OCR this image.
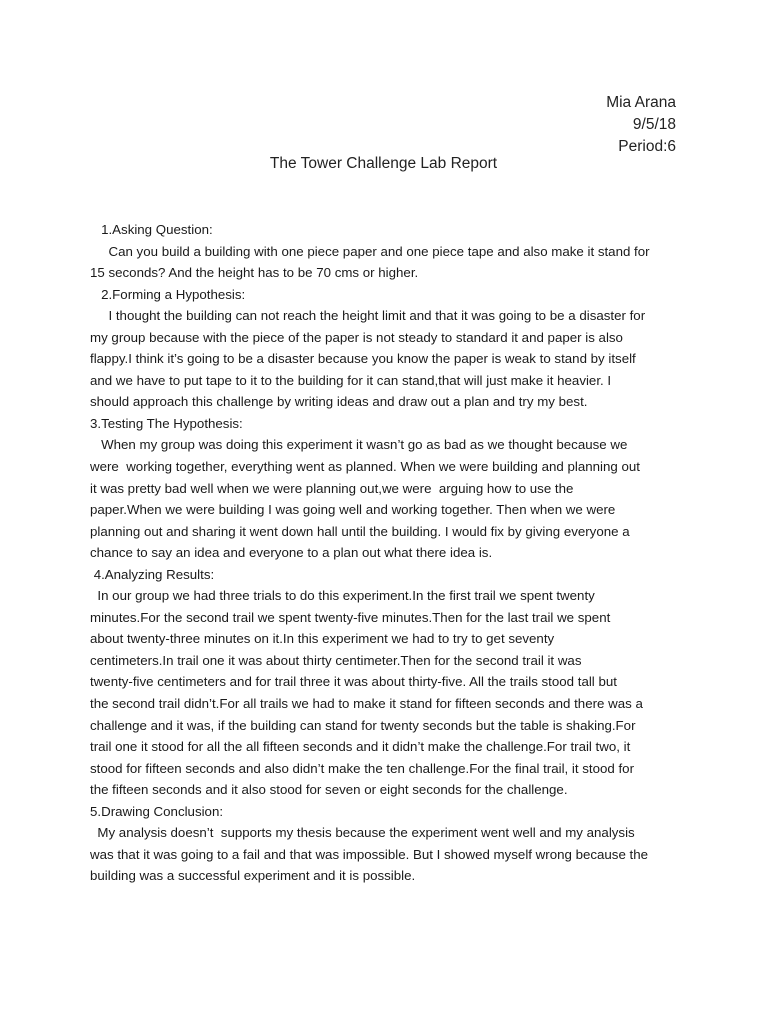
Mia Arana
9/5/18
Period:6
The Tower Challenge Lab Report
1.Asking Question:
Can you build a building with one piece paper and one piece tape and also make it stand for
15 seconds? And the height has to be 70 cms or higher.
2.Forming a Hypothesis:
I thought the building can not reach the height limit and that it was going to be a disaster for
my group because with the piece of the paper is not steady to standard it and paper is also
flappy.I think it’s going to be a disaster because you know the paper is weak to stand by itself
and we have to put tape to it to the building for it can stand,that will just make it heavier. I
should approach this challenge by writing ideas and draw out a plan and try my best.
3.Testing The Hypothesis:
When my group was doing this experiment it wasn’t go as bad as we thought because we
were  working together, everything went as planned. When we were building and planning out
it was pretty bad well when we were planning out,we were  arguing how to use the
paper.When we were building I was going well and working together. Then when we were
planning out and sharing it went down hall until the building. I would fix by giving everyone a
chance to say an idea and everyone to a plan out what there idea is.
4.Analyzing Results:
In our group we had three trials to do this experiment.In the first trail we spent twenty
minutes.For the second trail we spent twenty-five minutes.Then for the last trail we spent
about twenty-three minutes on it.In this experiment we had to try to get seventy
centimeters.In trail one it was about thirty centimeter.Then for the second trail it was
twenty-five centimeters and for trail three it was about thirty-five. All the trails stood tall but
the second trail didn’t.For all trails we had to make it stand for fifteen seconds and there was a
challenge and it was, if the building can stand for twenty seconds but the table is shaking.For
trail one it stood for all the all fifteen seconds and it didn’t make the challenge.For trail two, it
stood for fifteen seconds and also didn’t make the ten challenge.For the final trail, it stood for
the fifteen seconds and it also stood for seven or eight seconds for the challenge.
5.Drawing Conclusion:
My analysis doesn’t  supports my thesis because the experiment went well and my analysis
was that it was going to a fail and that was impossible. But I showed myself wrong because the
building was a successful experiment and it is possible.
